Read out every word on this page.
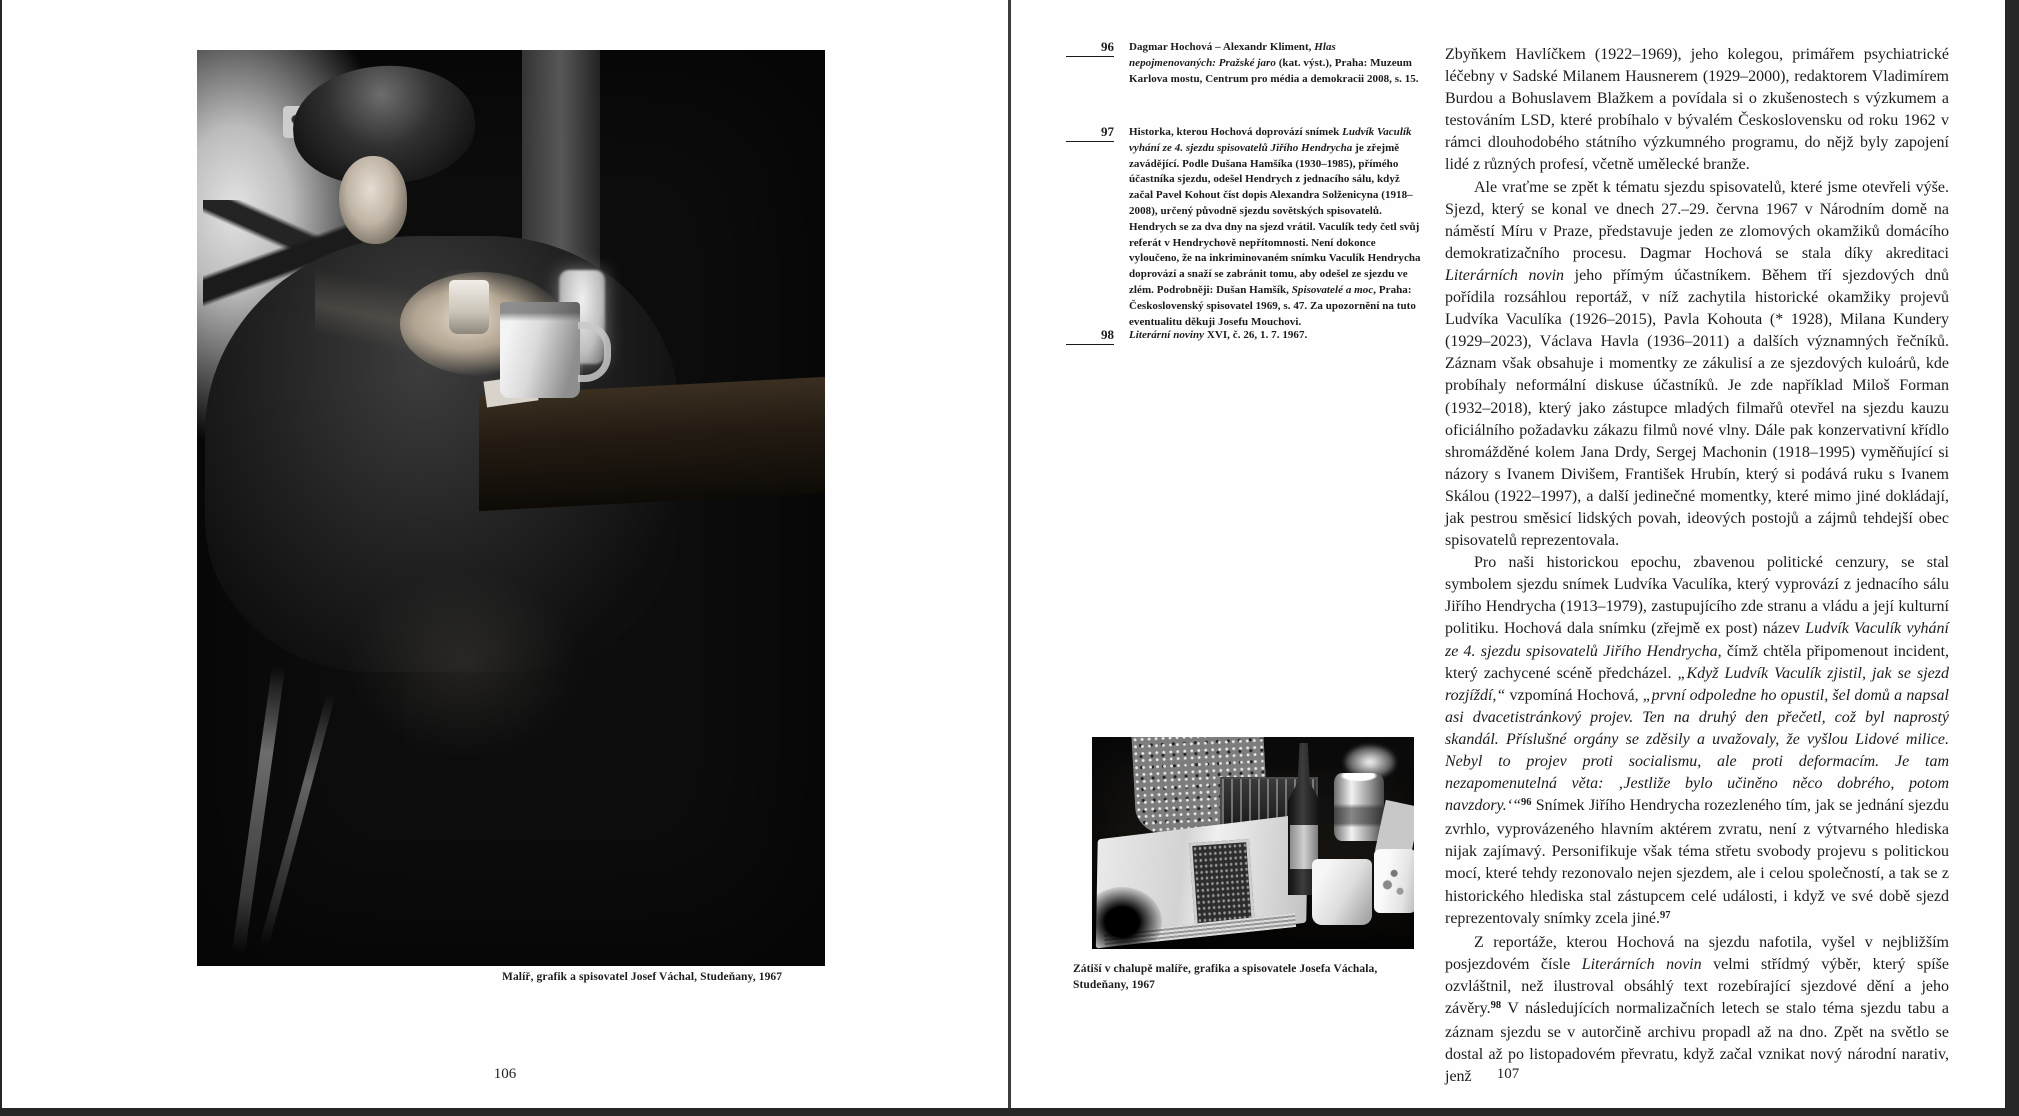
Malíř, grafik a spisovatel Josef Váchal, Studeňany, 1967
106
96 Dagmar Hochová – Alexandr Kliment, Hlas nepojmenovaných: Pražské jaro (kat. výst.), Praha: Muzeum Karlova mostu, Centrum pro média a demokracii 2008, s. 15.
97 Historka, kterou Hochová doprovází snímek Ludvík Vaculík vyhání ze 4. sjezdu spisovatelů Jiřího Hendrycha je zřejmě zavádějící. Podle Dušana Hamšíka (1930–1985), přímého účastníka sjezdu, odešel Hendrych z jednacího sálu, když začal Pavel Kohout číst dopis Alexandra Solženicyna (1918–2008), určený původně sjezdu sovětských spisovatelů. Hendrych se za dva dny na sjezd vrátil. Vaculík tedy četl svůj referát v Hendrychově nepřítomnosti. Není dokonce vyloučeno, že na inkriminovaném snímku Vaculík Hendrycha doprovází a snaží se zabránit tomu, aby odešel ze sjezdu ve zlém. Podrobněji: Dušan Hamšík, Spisovatelé a moc, Praha: Československý spisovatel 1969, s. 47. Za upozornění na tuto eventualitu děkuji Josefu Mouchovi.
98 Literární noviny XVI, č. 26, 1. 7. 1967.
Zátiší v chalupě malíře, grafika a spisovatele Josefa Váchala, Studeňany, 1967

Zbyňkem Havlíčkem (1922–1969), jeho kolegou, primářem psychiatrické léčebny v Sadské Milanem Hausnerem (1929–2000), redaktorem Vladimírem Burdou a Bohuslavem Blažkem a povídala si o zkušenostech s výzkumem a testováním LSD, které probíhalo v bývalém Československu od roku 1962 v rámci dlouhodobého státního výzkumného programu, do nějž byly zapojení lidé z různých profesí, včetně umělecké branže.

Ale vraťme se zpět k tématu sjezdu spisovatelů, které jsme otevřeli výše. Sjezd, který se konal ve dnech 27.–29. června 1967 v Národním domě na náměstí Míru v Praze, představuje jeden ze zlomových okamžiků domácího demokratizačního procesu. Dagmar Hochová se stala díky akreditaci Literárních novin jeho přímým účastníkem. Během tří sjezdových dnů pořídila rozsáhlou reportáž, v níž zachytila historické okamžiky projevů Ludvíka Vaculíka (1926–2015), Pavla Kohouta (* 1928), Milana Kundery (1929–2023), Václava Havla (1936–2011) a dalších významných řečníků. Záznam však obsahuje i momentky ze zákulisí a ze sjezdových kuloárů, kde probíhaly neformální diskuse účastníků. Je zde například Miloš Forman (1932–2018), který jako zástupce mladých filmařů otevřel na sjezdu kauzu oficiálního požadavku zákazu filmů nové vlny. Dále pak konzervativní křídlo shromážděné kolem Jana Drdy, Sergej Machonin (1918–1995) vyměňující si názory s Ivanem Divišem, František Hrubín, který si podává ruku s Ivanem Skálou (1922–1997), a další jedinečné momentky, které mimo jiné dokládají, jak pestrou směsicí lidských povah, ideových postojů a zájmů tehdejší obec spisovatelů reprezentovala.

Pro naši historickou epochu, zbavenou politické cenzury, se stal symbolem sjezdu snímek Ludvíka Vaculíka, který vyprovází z jednacího sálu Jiřího Hendrycha (1913–1979), zastupujícího zde stranu a vládu a její kulturní politiku. Hochová dala snímku (zřejmě ex post) název Ludvík Vaculík vyhání ze 4. sjezdu spisovatelů Jiřího Hendrycha, čímž chtěla připomenout incident, který zachycené scéně předcházel. „Když Ludvík Vaculík zjistil, jak se sjezd rozjíždí,“ vzpomíná Hochová, „první odpoledne ho opustil, šel domů a napsal asi dvacetistránkový projev. Ten na druhý den přečetl, což byl naprostý skandál. Příslušné orgány se zděsily a uvažovaly, že vyšlou Lidové milice. Nebyl to projev proti socialismu, ale proti deformacím. Je tam nezapomenutelná věta: ‚Jestliže bylo učiněno něco dobrého, potom navzdory.‘“$^{96}$ Snímek Jiřího Hendrycha rozezleného tím, jak se jednání sjezdu zvrhlo, vyprovázeného hlavním aktérem zvratu, není z výtvarného hlediska nijak zajímavý. Personifikuje však téma střetu svobody projevu s politickou mocí, které tehdy rezonovalo nejen sjezdem, ale i celou společností, a tak se z historického hlediska stal zástupcem celé události, i když ve své době sjezd reprezentovaly snímky zcela jiné.$^{97}$

Z reportáže, kterou Hochová na sjezdu nafotila, vyšel v nejbližším posjezdovém čísle Literárních novin velmi střídmý výběr, který spíše ozvláštnil, než ilustroval obsáhlý text rozebírající sjezdové dění a jeho závěry.$^{98}$ V následujících normalizačních letech se stalo téma sjezdu tabu a záznam sjezdu se v autorčině archivu propadl až na dno. Zpět na světlo se dostal až po listopadovém převratu, když začal vznikat nový národní narativ, jenž	107
